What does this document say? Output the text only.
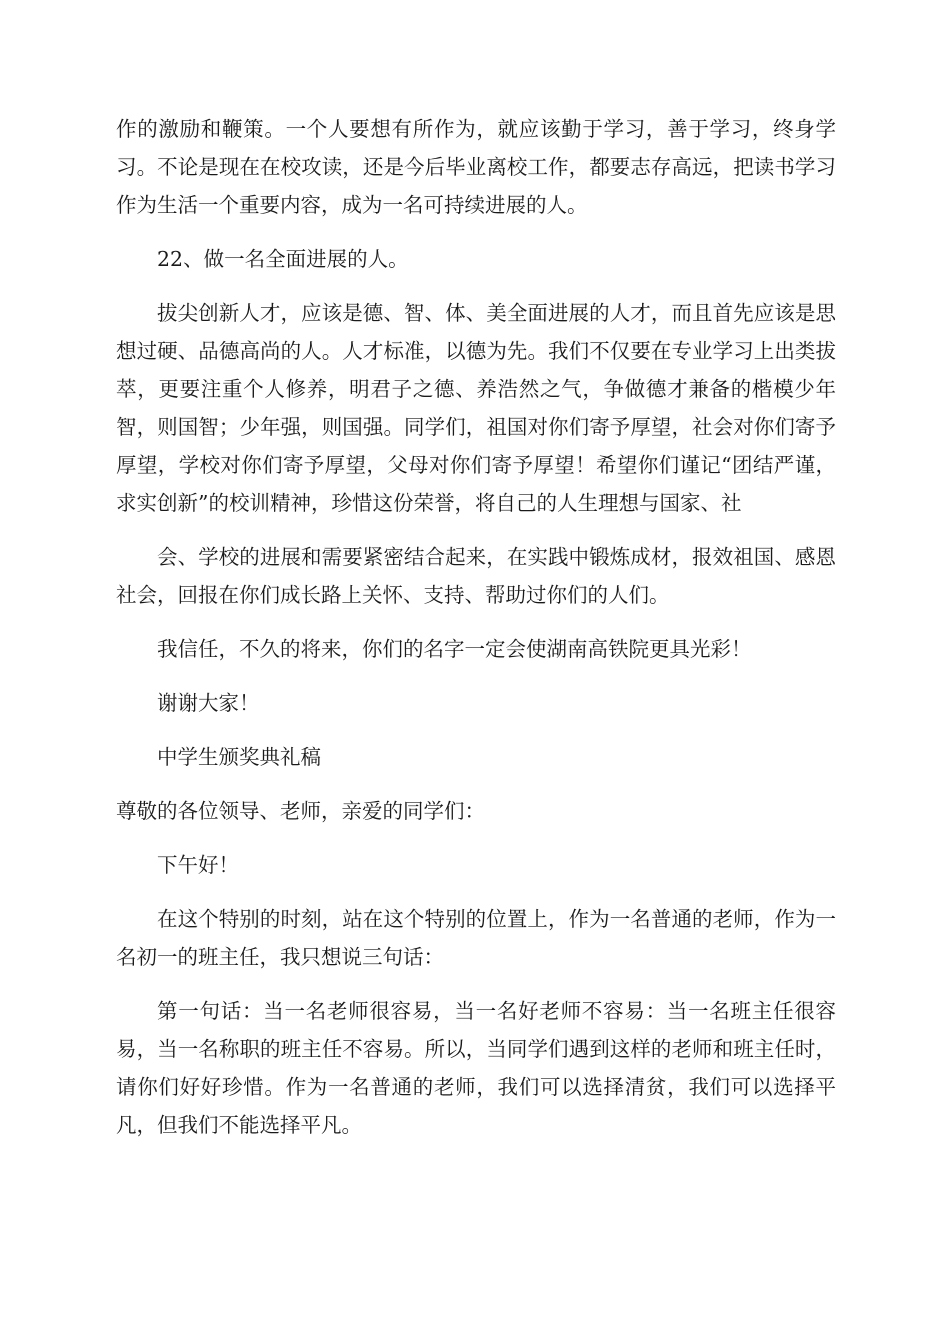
作的激励和鞭策。一个人要想有所作为，就应该勤于学习，善于学习，终身学习。不论是现在在校攻读，还是今后毕业离校工作，都要志存高远，把读书学习作为生活一个重要内容，成为一名可持续进展的人。

22、做一名全面进展的人。

拔尖创新人才，应该是德、智、体、美全面进展的人才，而且首先应该是思想过硬、品德高尚的人。人才标准，以德为先。我们不仅要在专业学习上出类拔萃，更要注重个人修养，明君子之德、养浩然之气，争做德才兼备的楷模少年智，则国智；少年强，则国强。同学们，祖国对你们寄予厚望，社会对你们寄予厚望，学校对你们寄予厚望，父母对你们寄予厚望！希望你们谨记“团结严谨，求实创新”的校训精神，珍惜这份荣誉，将自己的人生理想与国家、社

会、学校的进展和需要紧密结合起来，在实践中锻炼成材，报效祖国、感恩社会，回报在你们成长路上关怀、支持、帮助过你们的人们。

我信任，不久的将来，你们的名字一定会使湖南高铁院更具光彩！

谢谢大家！

中学生颁奖典礼稿

尊敬的各位领导、老师，亲爱的同学们：

下午好！

在这个特别的时刻，站在这个特别的位置上，作为一名普通的老师，作为一名初一的班主任，我只想说三句话：

第一句话：当一名老师很容易，当一名好老师不容易：当一名班主任很容易，当一名称职的班主任不容易。所以，当同学们遇到这样的老师和班主任时，请你们好好珍惜。作为一名普通的老师，我们可以选择清贫，我们可以选择平凡，但我们不能选择平凡。
